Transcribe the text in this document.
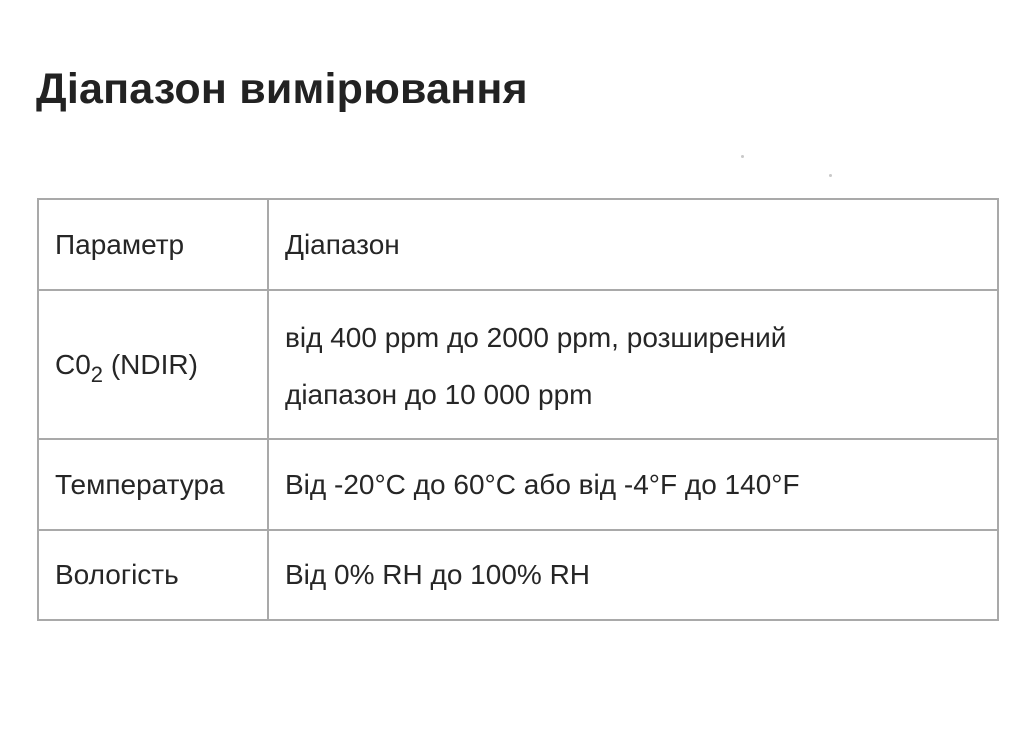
Діапазон вимірювання
Параметр	Діапазон
$C0_2$ (NDIR)	від 400 ppm до 2000 ppm, розширений
діапазон до 10 000 ppm
Температура	Від -20°C до 60°C або від -4°F до 140°F
Вологість	Від 0% RH до 100% RH
